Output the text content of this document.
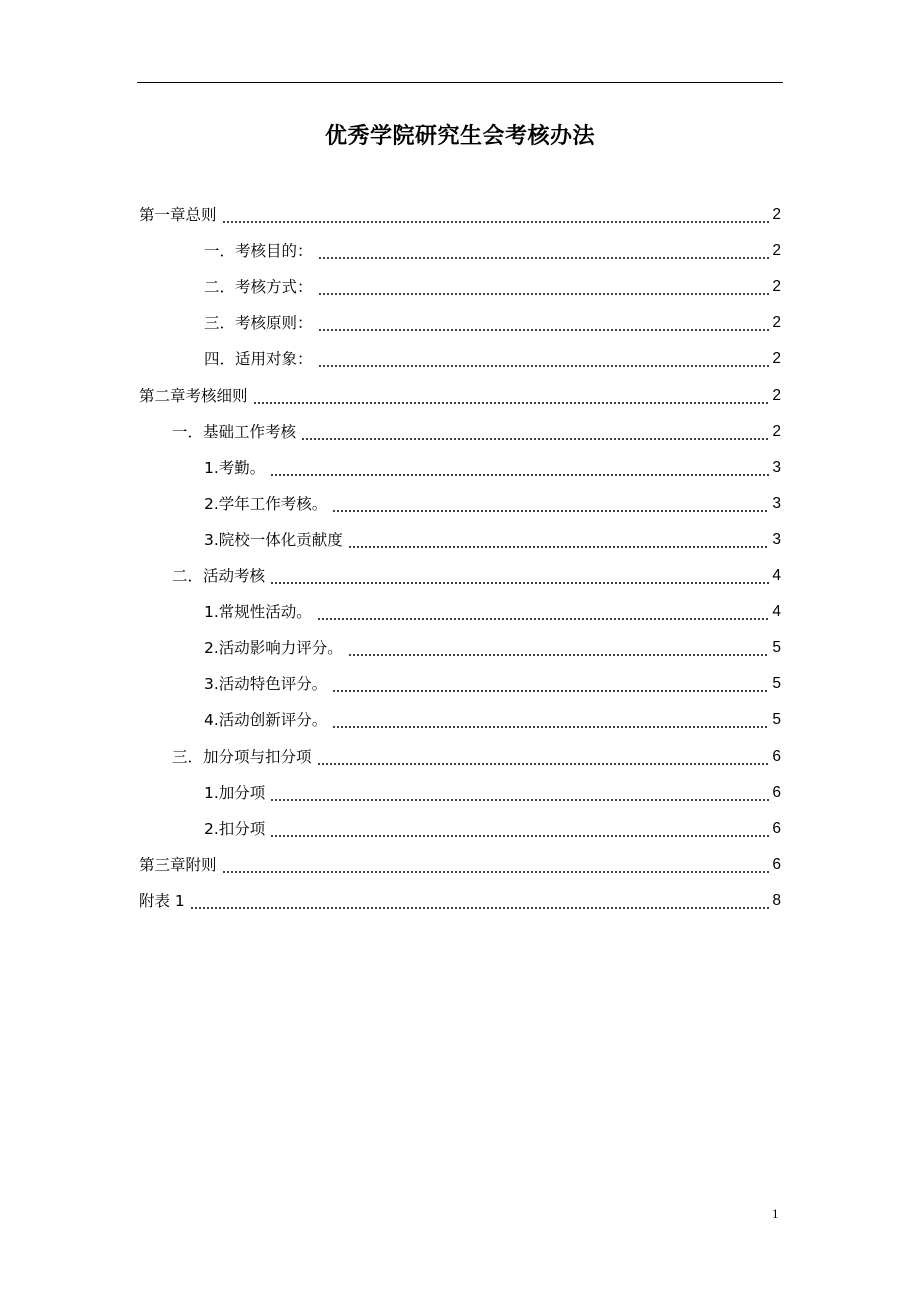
优秀学院研究生会考核办法
第一章总则	2
一．考核目的：	2
二．考核方式：	2
三．考核原则：	2
四．适用对象：	2
第二章考核细则	2
一．基础工作考核	2
1.考勤。	3
2.学年工作考核。	3
3.院校一体化贡献度	3
二．活动考核	4
1.常规性活动。	4
2.活动影响力评分。	5
3.活动特色评分。	5
4.活动创新评分。	5
三．加分项与扣分项	6
1.加分项	6
2.扣分项	6
第三章附则	6
附表 1	8
1
